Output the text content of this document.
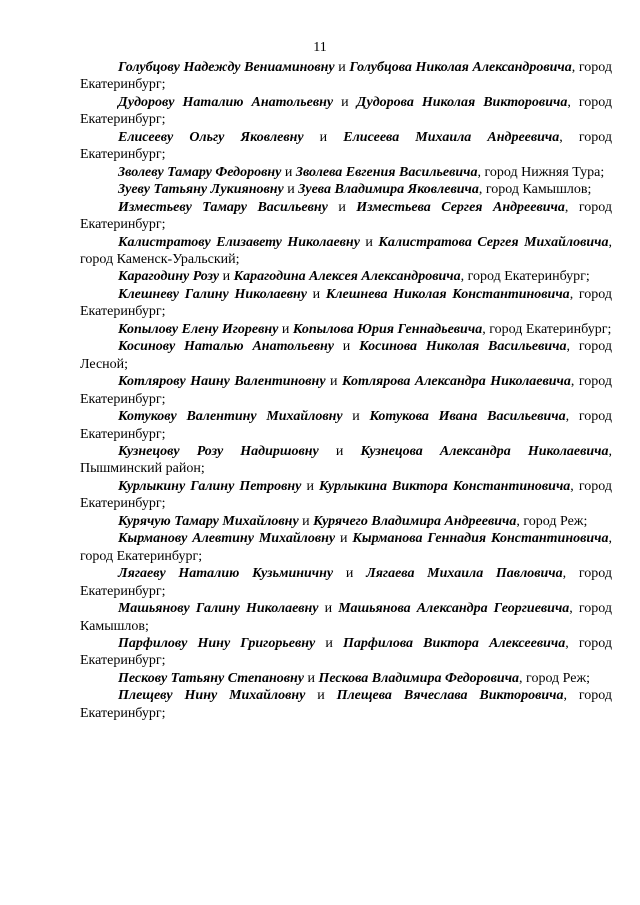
11

Голубцову Надежду Вениаминовну и Голубцова Николая Александровича, город Екатеринбург;

Дудорову Наталию Анатольевну и Дудорова Николая Викторовича, город Екатеринбург;

Елисееву Ольгу Яковлевну и Елисеева Михаила Андреевича, город Екатеринбург;

Зволеву Тамару Федоровну и Зволева Евгения Васильевича, город Нижняя Тура;

Зуеву Татьяну Лукияновну и Зуева Владимира Яковлевича, город Камышлов;

Изместьеву Тамару Васильевну и Изместьева Сергея Андреевича, город Екатеринбург;

Калистратову Елизавету Николаевну и Калистратова Сергея Михайловича, город Каменск-Уральский;

Карагодину Розу и Карагодина Алексея Александровича, город Екатеринбург;

Клешневу Галину Николаевну и Клешнева Николая Константиновича, город Екатеринбург;

Копылову Елену Игоревну и Копылова Юрия Геннадьевича, город Екатеринбург;

Косинову Наталью Анатольевну и Косинова Николая Васильевича, город Лесной;

Котлярову Наину Валентиновну и Котлярова Александра Николаевича, город Екатеринбург;

Котукову Валентину Михайловну и Котукова Ивана Васильевича, город Екатеринбург;

Кузнецову Розу Надиршовну и Кузнецова Александра Николаевича, Пышминский район;

Курлыкину Галину Петровну и Курлыкина Виктора Константиновича, город Екатеринбург;

Курячую Тамару Михайловну и Курячего Владимира Андреевича, город Реж;

Кырманову Алевтину Михайловну и Кырманова Геннадия Константиновича, город Екатеринбург;

Лягаеву Наталию Кузьминичну и Лягаева Михаила Павловича, город Екатеринбург;

Машьянову Галину Николаевну и Машьянова Александра Георгиевича, город Камышлов;

Парфилову Нину Григорьевну и Парфилова Виктора Алексеевича, город Екатеринбург;

Пескову Татьяну Степановну и Пескова Владимира Федоровича, город Реж;

Плещеву Нину Михайловну и Плещева Вячеслава Викторовича, город Екатеринбург;
